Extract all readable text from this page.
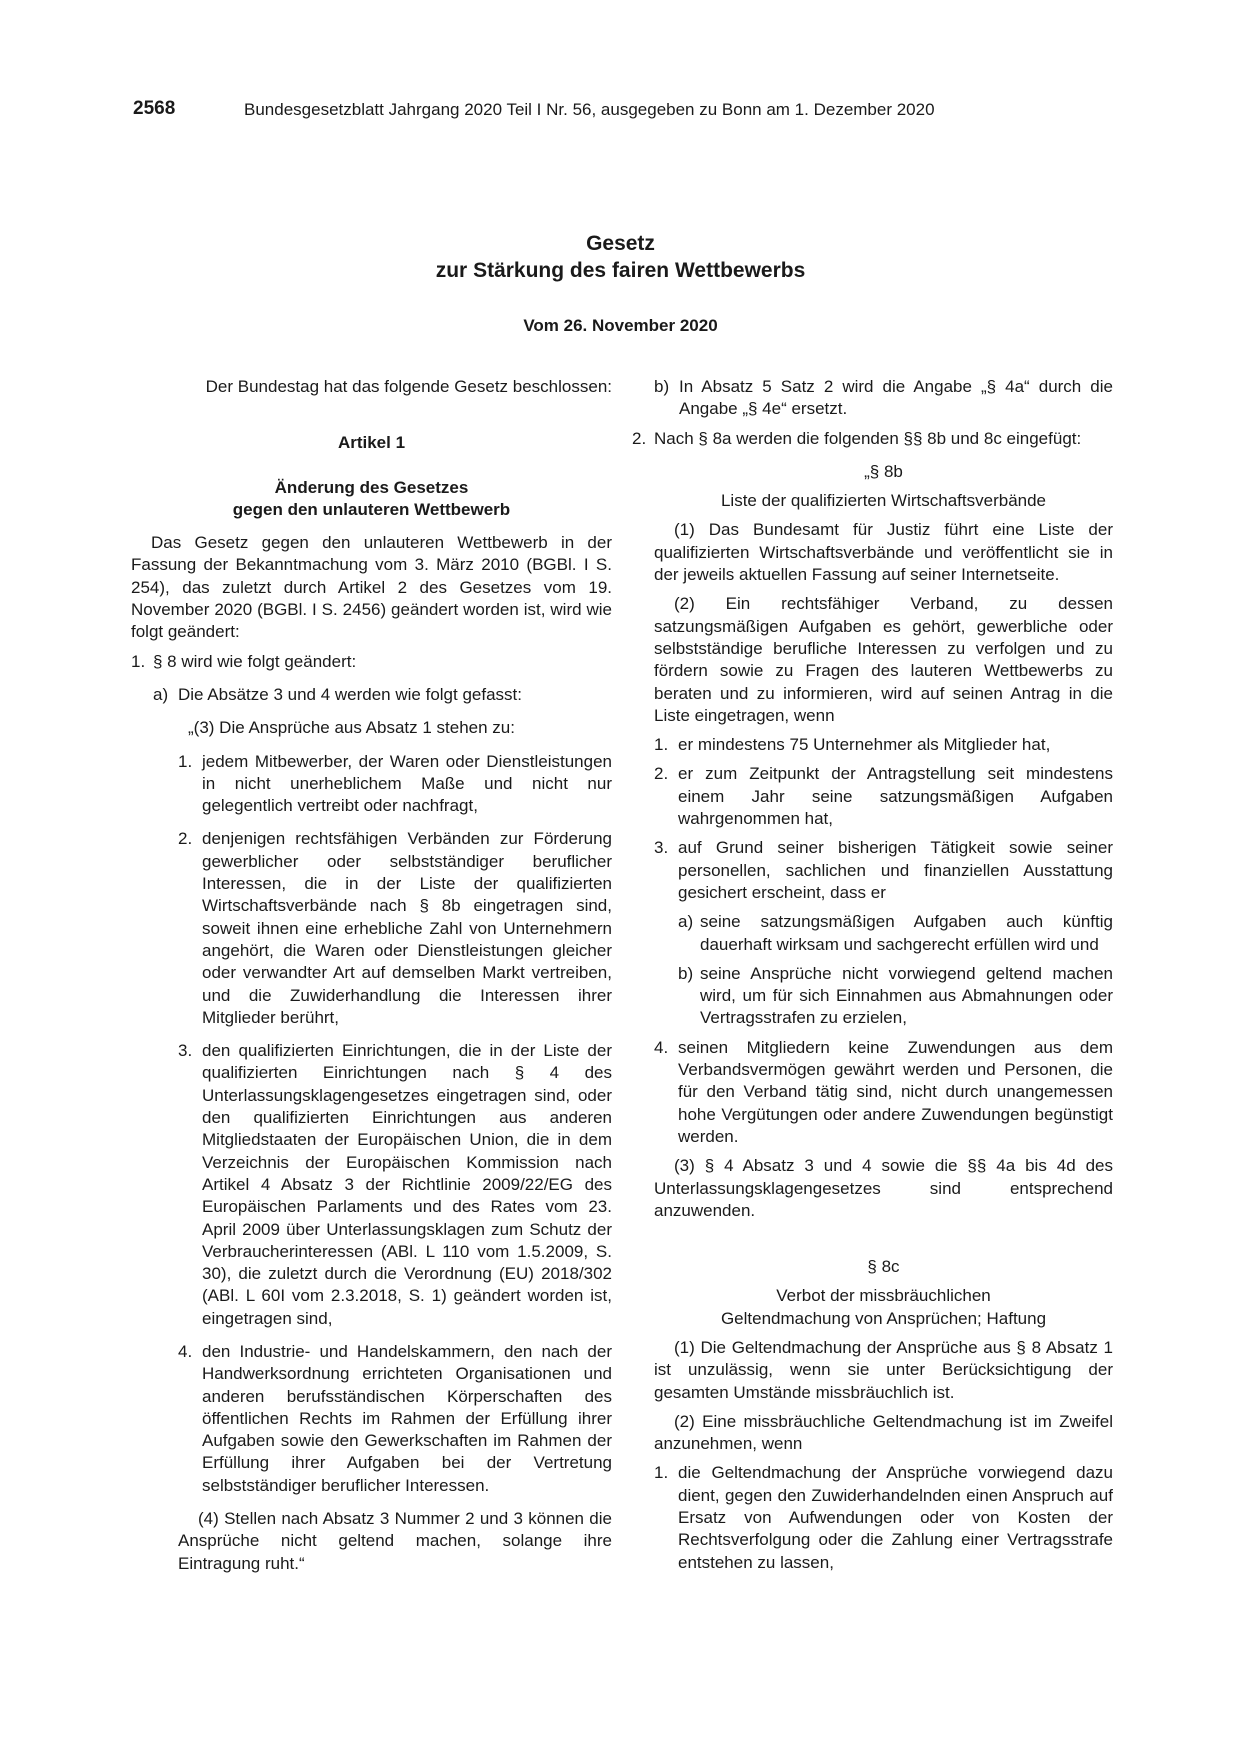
2568	Bundesgesetzblatt Jahrgang 2020 Teil I Nr. 56, ausgegeben zu Bonn am 1. Dezember 2020
Gesetz
zur Stärkung des fairen Wettbewerbs
Vom 26. November 2020

Der Bundestag hat das folgende Gesetz beschlossen:

Artikel 1

Änderung des Gesetzes

gegen den unlauteren Wettbewerb

Das Gesetz gegen den unlauteren Wettbewerb in der Fassung der Bekanntmachung vom 3. März 2010 (BGBl. I S. 254), das zuletzt durch Artikel 2 des Gesetzes vom 19. November 2020 (BGBl. I S. 2456) geändert worden ist, wird wie folgt geändert:

1. § 8 wird wie folgt geändert:
a) Die Absätze 3 und 4 werden wie folgt gefasst:

„(3) Die Ansprüche aus Absatz 1 stehen zu:

1. jedem Mitbewerber, der Waren oder Dienstleistungen in nicht unerheblichem Maße und nicht nur gelegentlich vertreibt oder nachfragt,
2. denjenigen rechtsfähigen Verbänden zur Förderung gewerblicher oder selbstständiger beruflicher Interessen, die in der Liste der qualifizierten Wirtschaftsverbände nach § 8b eingetragen sind, soweit ihnen eine erhebliche Zahl von Unternehmern angehört, die Waren oder Dienstleistungen gleicher oder verwandter Art auf demselben Markt vertreiben, und die Zuwiderhandlung die Interessen ihrer Mitglieder berührt,
3. den qualifizierten Einrichtungen, die in der Liste der qualifizierten Einrichtungen nach § 4 des Unterlassungsklagengesetzes eingetragen sind, oder den qualifizierten Einrichtungen aus anderen Mitgliedstaaten der Europäischen Union, die in dem Verzeichnis der Europäischen Kommission nach Artikel 4 Absatz 3 der Richtlinie 2009/22/EG des Europäischen Parlaments und des Rates vom 23. April 2009 über Unterlassungsklagen zum Schutz der Verbraucherinteressen (ABl. L 110 vom 1.5.2009, S. 30), die zuletzt durch die Verordnung (EU) 2018/302 (ABl. L 60I vom 2.3.2018, S. 1) geändert worden ist, eingetragen sind,
4. den Industrie- und Handelskammern, den nach der Handwerksordnung errichteten Organisationen und anderen berufsständischen Körperschaften des öffentlichen Rechts im Rahmen der Erfüllung ihrer Aufgaben sowie den Gewerkschaften im Rahmen der Erfüllung ihrer Aufgaben bei der Vertretung selbstständiger beruflicher Interessen.

(4) Stellen nach Absatz 3 Nummer 2 und 3 können die Ansprüche nicht geltend machen, solange ihre Eintragung ruht.“

b) In Absatz 5 Satz 2 wird die Angabe „§ 4a“ durch die Angabe „§ 4e“ ersetzt.
2. Nach § 8a werden die folgenden §§ 8b und 8c eingefügt:

„§ 8b

Liste der qualifizierten Wirtschaftsverbände

(1) Das Bundesamt für Justiz führt eine Liste der qualifizierten Wirtschaftsverbände und veröffentlicht sie in der jeweils aktuellen Fassung auf seiner Internetseite.

(2) Ein rechtsfähiger Verband, zu dessen satzungsmäßigen Aufgaben es gehört, gewerbliche oder selbstständige berufliche Interessen zu verfolgen und zu fördern sowie zu Fragen des lauteren Wettbewerbs zu beraten und zu informieren, wird auf seinen Antrag in die Liste eingetragen, wenn

1. er mindestens 75 Unternehmer als Mitglieder hat,
2. er zum Zeitpunkt der Antragstellung seit mindestens einem Jahr seine satzungsmäßigen Aufgaben wahrgenommen hat,
3. auf Grund seiner bisherigen Tätigkeit sowie seiner personellen, sachlichen und finanziellen Ausstattung gesichert erscheint, dass er
a) seine satzungsmäßigen Aufgaben auch künftig dauerhaft wirksam und sachgerecht erfüllen wird und
b) seine Ansprüche nicht vorwiegend geltend machen wird, um für sich Einnahmen aus Abmahnungen oder Vertragsstrafen zu erzielen,
4. seinen Mitgliedern keine Zuwendungen aus dem Verbandsvermögen gewährt werden und Personen, die für den Verband tätig sind, nicht durch unangemessen hohe Vergütungen oder andere Zuwendungen begünstigt werden.

(3) § 4 Absatz 3 und 4 sowie die §§ 4a bis 4d des Unterlassungsklagengesetzes sind entsprechend anzuwenden.

§ 8c

Verbot der missbräuchlichen

Geltendmachung von Ansprüchen; Haftung

(1) Die Geltendmachung der Ansprüche aus § 8 Absatz 1 ist unzulässig, wenn sie unter Berücksichtigung der gesamten Umstände missbräuchlich ist.

(2) Eine missbräuchliche Geltendmachung ist im Zweifel anzunehmen, wenn

1. die Geltendmachung der Ansprüche vorwiegend dazu dient, gegen den Zuwiderhandelnden einen Anspruch auf Ersatz von Aufwendungen oder von Kosten der Rechtsverfolgung oder die Zahlung einer Vertragsstrafe entstehen zu lassen,
